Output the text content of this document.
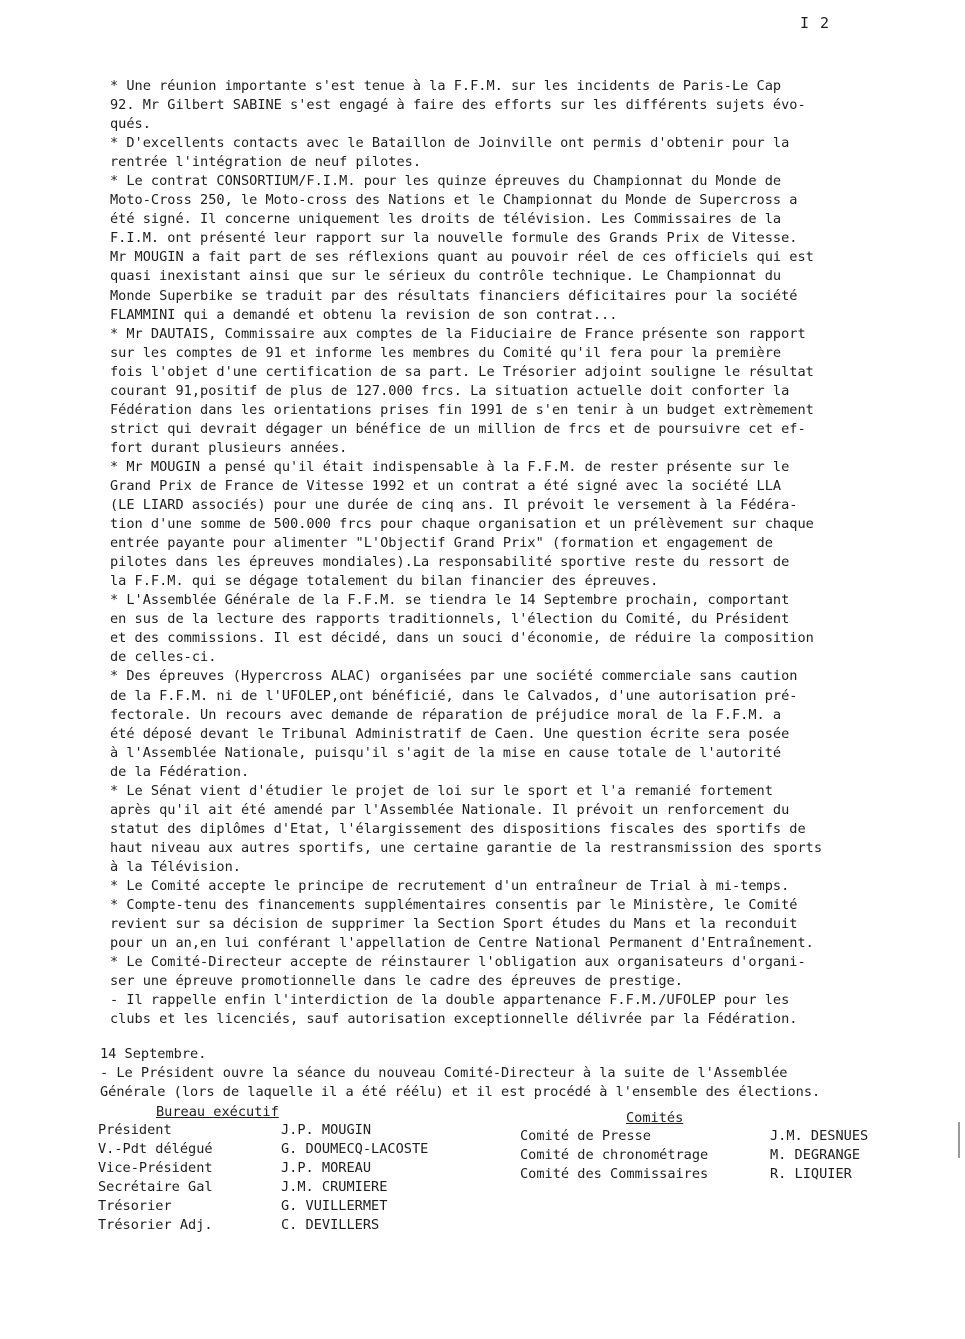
I 2
* Une réunion importante s'est tenue à la F.F.M. sur les incidents de Paris-Le Cap
92. Mr Gilbert SABINE s'est engagé à faire des efforts sur les différents sujets évo-
qués.
* D'excellents contacts avec le Bataillon de Joinville ont permis d'obtenir pour la
rentrée l'intégration de neuf pilotes.
* Le contrat CONSORTIUM/F.I.M. pour les quinze épreuves du Championnat du Monde de
Moto-Cross 250, le Moto-cross des Nations et le Championnat du Monde de Supercross a
été signé. Il concerne uniquement les droits de télévision. Les Commissaires de la
F.I.M. ont présenté leur rapport sur la nouvelle formule des Grands Prix de Vitesse.
Mr MOUGIN a fait part de ses réflexions quant au pouvoir réel de ces officiels qui est
quasi inexistant ainsi que sur le sérieux du contrôle technique. Le Championnat du
Monde Superbike se traduit par des résultats financiers déficitaires pour la société
FLAMMINI qui a demandé et obtenu la revision de son contrat...
* Mr DAUTAIS, Commissaire aux comptes de la Fiduciaire de France présente son rapport
sur les comptes de 91 et informe les membres du Comité qu'il fera pour la première
fois l'objet d'une certification de sa part. Le Trésorier adjoint souligne le résultat
courant 91,positif de plus de 127.000 frcs. La situation actuelle doit conforter la
Fédération dans les orientations prises fin 1991 de s'en tenir à un budget extrèmement
strict qui devrait dégager un bénéfice de un million de frcs et de poursuivre cet ef-
fort durant plusieurs années.
* Mr MOUGIN a pensé qu'il était indispensable à la F.F.M. de rester présente sur le
Grand Prix de France de Vitesse 1992 et un contrat a été signé avec la société LLA
(LE LIARD associés) pour une durée de cinq ans. Il prévoit le versement à la Fédéra-
tion d'une somme de 500.000 frcs pour chaque organisation et un prélèvement sur chaque
entrée payante pour alimenter "L'Objectif Grand Prix" (formation et engagement de
pilotes dans les épreuves mondiales).La responsabilité sportive reste du ressort de
la F.F.M. qui se dégage totalement du bilan financier des épreuves.
* L'Assemblée Générale de la F.F.M. se tiendra le 14 Septembre prochain, comportant
en sus de la lecture des rapports traditionnels, l'élection du Comité, du Président
et des commissions. Il est décidé, dans un souci d'économie, de réduire la composition
de celles-ci.
* Des épreuves (Hypercross ALAC) organisées par une société commerciale sans caution
de la F.F.M. ni de l'UFOLEP,ont bénéficié, dans le Calvados, d'une autorisation pré-
fectorale. Un recours avec demande de réparation de préjudice moral de la F.F.M. a
été déposé devant le Tribunal Administratif de Caen. Une question écrite sera posée
à l'Assemblée Nationale, puisqu'il s'agit de la mise en cause totale de l'autorité
de la Fédération.
* Le Sénat vient d'étudier le projet de loi sur le sport et l'a remanié fortement
après qu'il ait été amendé par l'Assemblée Nationale. Il prévoit un renforcement du
statut des diplômes d'Etat, l'élargissement des dispositions fiscales des sportifs de
haut niveau aux autres sportifs, une certaine garantie de la restransmission des sports
à la Télévision.
* Le Comité accepte le principe de recrutement d'un entraîneur de Trial à mi-temps.
* Compte-tenu des financements supplémentaires consentis par le Ministère, le Comité
revient sur sa décision de supprimer la Section Sport études du Mans et la reconduit
pour un an,en lui conférant l'appellation de Centre National Permanent d'Entraînement.
* Le Comité-Directeur accepte de réinstaurer l'obligation aux organisateurs d'organi-
ser une épreuve promotionnelle dans le cadre des épreuves de prestige.
- Il rappelle enfin l'interdiction de la double appartenance F.F.M./UFOLEP pour les
clubs et les licenciés, sauf autorisation exceptionnelle délivrée par la Fédération.
14 Septembre.
- Le Président ouvre la séance du nouveau Comité-Directeur à la suite de l'Assemblée
Générale (lors de laquelle il a été réélu) et il est procédé à l'ensemble des élections.
Bureau exécutif
Président	J.P. MOUGIN
V.-Pdt délégué	G. DOUMECQ-LACOSTE
Vice-Président	J.P. MOREAU
Secrétaire Gal	J.M. CRUMIERE
Trésorier	G. VUILLERMET
Trésorier Adj.	C. DEVILLERS
Comités
Comité de Presse	J.M. DESNUES
Comité de chronométrage	M. DEGRANGE
Comité des Commissaires	R. LIQUIER
